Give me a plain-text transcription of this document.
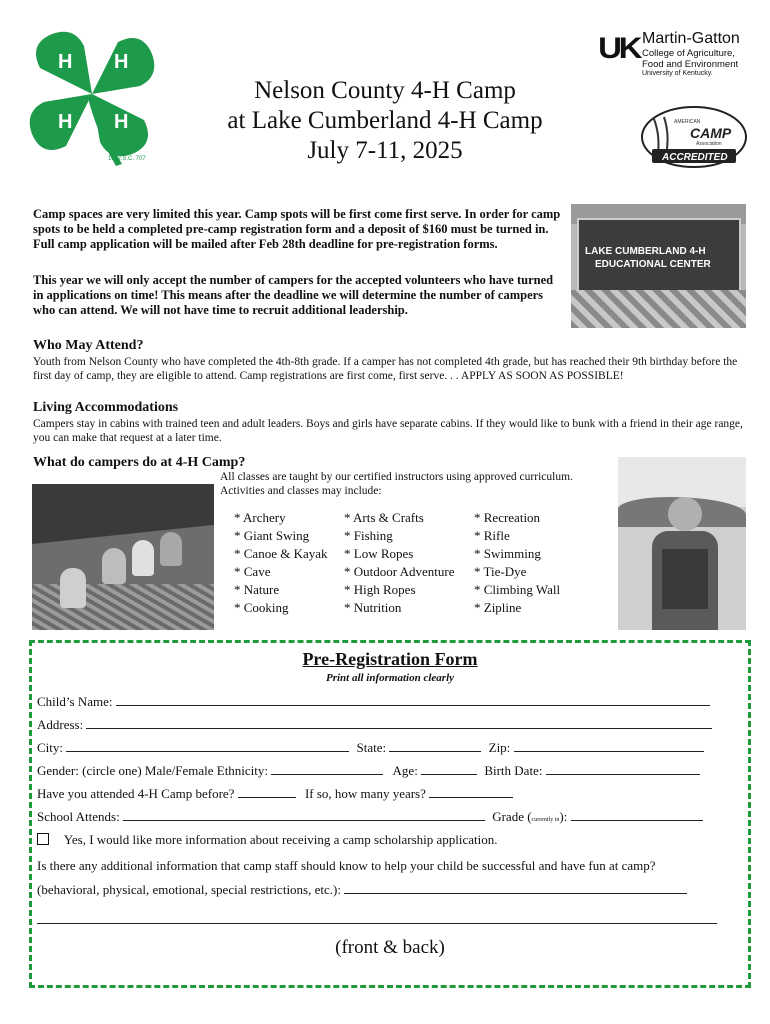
H H
H H
18 U.S.C. 707
Nelson County 4-H Camp
at Lake Cumberland 4-H Camp
July 7-11, 2025
UK Martin-Gatton
College of Agriculture,
Food and Environment
University of Kentucky.
AMERICAN
CAMP
Association
ACCREDITED
Camp spaces are very limited this year. Camp spots will be first come first serve. In order for camp spots to be held a completed pre-camp registration form and a deposit of $160 must be turned in. Full camp application will be mailed after Feb 28th deadline for pre-registration forms.
This year we will only accept the number of campers for the accepted volunteers who have turned in applications on time! This means after the deadline we will determine the number of campers who can attend. We will not have time to recruit additional leadership.
LAKE CUMBERLAND 4-H
EDUCATIONAL CENTER
Who May Attend?
Youth from Nelson County who have completed the 4th-8th grade. If a camper has not completed 4th grade, but has reached their 9th birthday before the first day of camp, they are eligible to attend. Camp registrations are first come, first serve. . . APPLY AS SOON AS POSSIBLE!
Living Accommodations
Campers stay in cabins with trained teen and adult leaders. Boys and girls have separate cabins. If they would like to bunk with a friend in their age range, you can make that request at a later time.
What do campers do at 4-H Camp?
All classes are taught by our certified instructors using approved curriculum.
Activities and classes may include:
* Archery
* Giant Swing
* Canoe & Kayak
* Cave
* Nature
* Cooking
* Arts & Crafts
* Fishing
* Low Ropes
* Outdoor Adventure
* High Ropes
* Nutrition
* Recreation
* Rifle
* Swimming
* Tie-Dye
* Climbing Wall
* Zipline
Pre-Registration Form
Print all information clearly
Child’s Name:
Address:
City:	State:	Zip:
Gender: (circle one) Male/Female Ethnicity:	Age:	Birth Date:
Have you attended 4-H Camp before?	If so, how many years?
School Attends:	Grade (currently in):
Yes, I would like more information about receiving a camp scholarship application.
Is there any additional information that camp staff should know to help your child be successful and have fun at camp?
(behavioral, physical, emotional, special restrictions, etc.):
(front & back)
